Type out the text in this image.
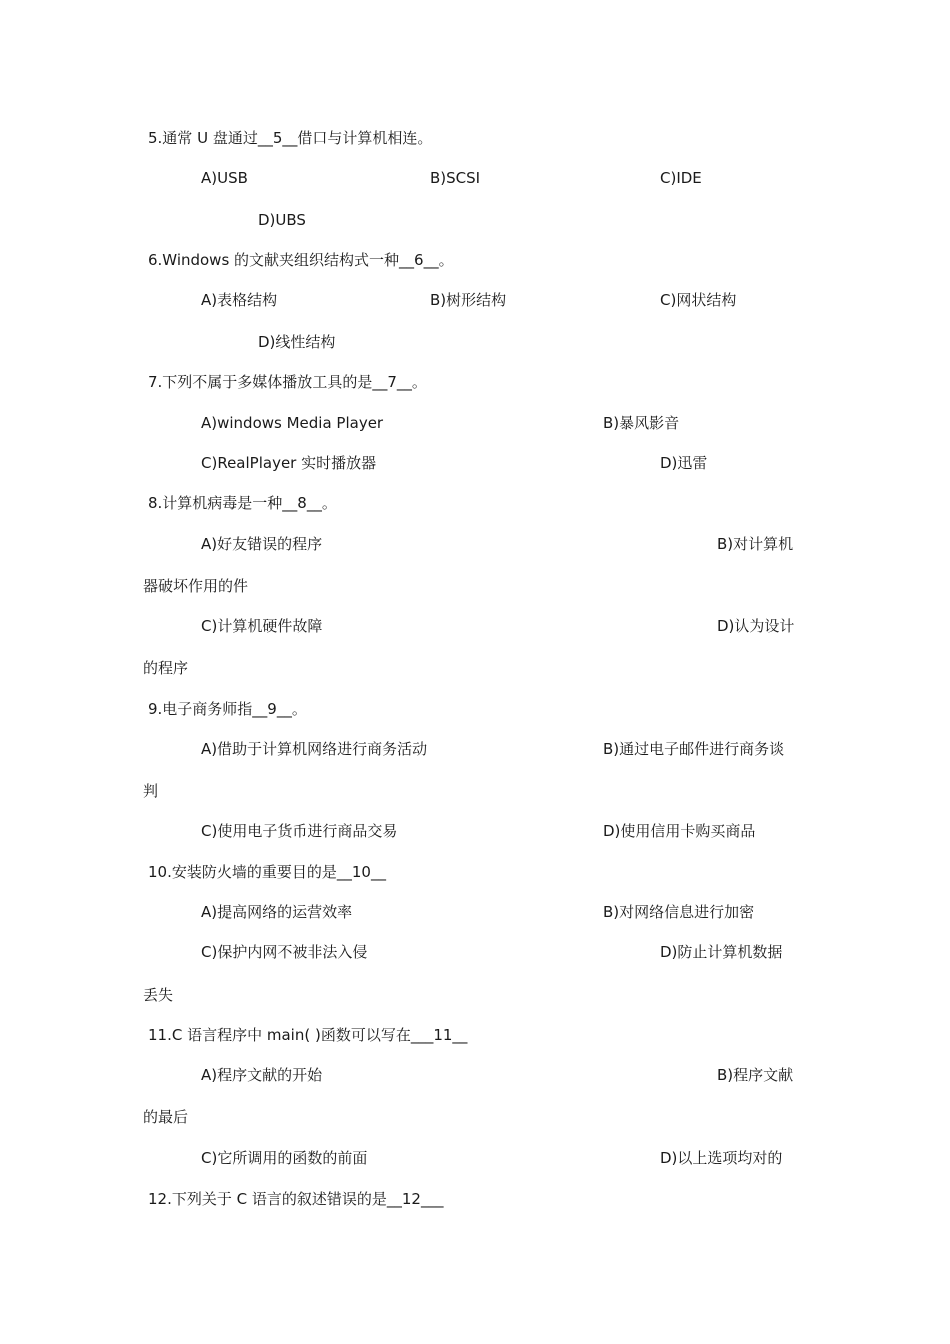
5.通常 U 盘通过__5__借口与计算机相连。
A)USB	B)SCSI	C)IDE
D)UBS
6.Windows 的文献夹组织结构式一种__6__。
A)表格结构	B)树形结构	C)网状结构
D)线性结构
7.下列不属于多媒体播放工具的是__7__。
A)windows Media Player	B)暴风影音
C)RealPlayer 实时播放器	D)迅雷
8.计算机病毒是一种__8__。
A)好友错误的程序	B)对计算机
器破坏作用的件
C)计算机硬件故障	D)认为设计
的程序
9.电子商务师指__9__。
A)借助于计算机网络进行商务活动	B)通过电子邮件进行商务谈
判
C)使用电子货币进行商品交易	D)使用信用卡购买商品
10.安装防火墙的重要目的是__10__
A)提高网络的运营效率	B)对网络信息进行加密
C)保护内网不被非法入侵	D)防止计算机数据
丢失
11.C 语言程序中 main( )函数可以写在___11__
A)程序文献的开始	B)程序文献
的最后
C)它所调用的函数的前面	D)以上选项均对的
12.下列关于 C 语言的叙述错误的是__12___
